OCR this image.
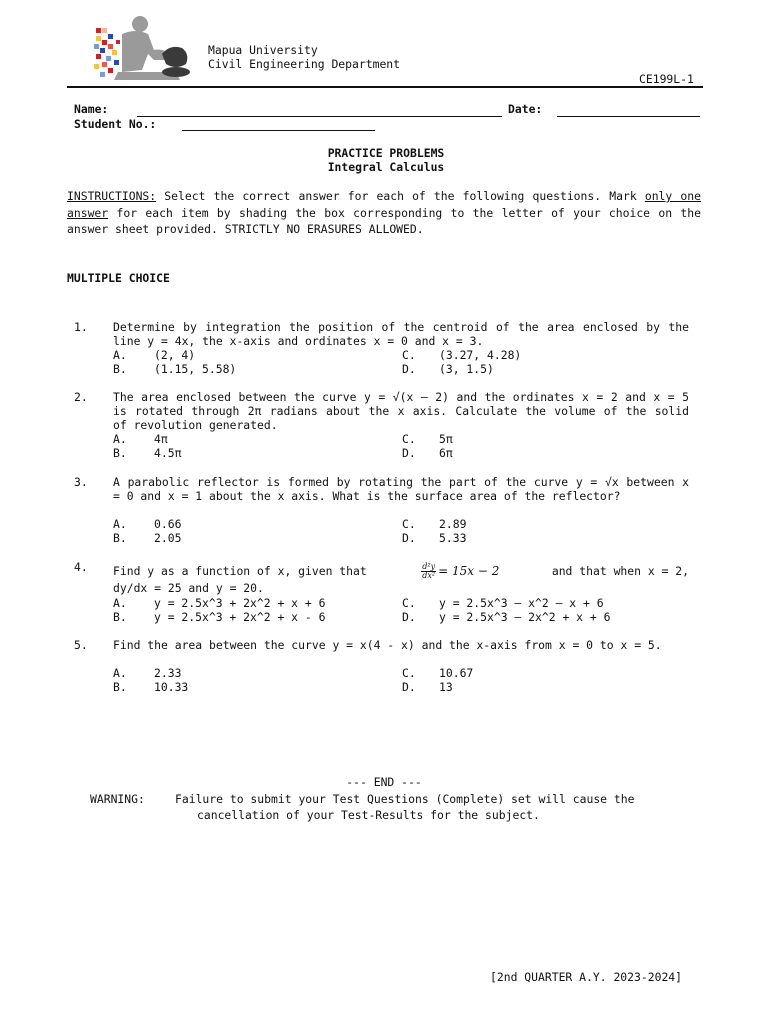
Mapua University
Civil Engineering Department
CE199L-1
Name:	Date:
Student No.:
PRACTICE PROBLEMS
Integral Calculus
INSTRUCTIONS: Select the correct answer for each of the following questions. Mark only one answer for each item by shading the box corresponding to the letter of your choice on the answer sheet provided. STRICTLY NO ERASURES ALLOWED.
MULTIPLE CHOICE
1. Determine by integration the position of the centroid of the area enclosed by the line y = 4x, the x-axis and ordinates x = 0 and x = 3.
A. (2, 4)	C. (3.27, 4.28)
B. (1.15, 5.58)	D. (3, 1.5)
2. The area enclosed between the curve y = √(x – 2) and the ordinates x = 2 and x = 5 is rotated through 2π radians about the x axis. Calculate the volume of the solid of revolution generated.
A. 4π	C. 5π
B. 4.5π	D. 6π
3. A parabolic reflector is formed by rotating the part of the curve y = √x between x = 0 and x = 1 about the x axis. What is the surface area of the reflector?
A. 0.66	C. 2.89
B. 2.05	D. 5.33
4. Find y as a function of x, given that	$\frac{\text{d²y}}{\text{dx²}} = 15x - 2$	and that when x = 2,
dy/dx = 25 and y = 20.
A. y = 2.5x^3 + 2x^2 + x + 6	C. y = 2.5x^3 – x^2 – x + 6
B. y = 2.5x^3 + 2x^2 + x - 6	D. y = 2.5x^3 – 2x^2 + x + 6
5. Find the area between the curve y = x(4 - x) and the x-axis from x = 0 to x = 5.
A. 2.33	C. 10.67
B. 10.33	D. 13
--- END ---
WARNING:	Failure to submit your Test Questions (Complete) set will cause the
cancellation of your Test-Results for the subject.
[2nd QUARTER A.Y. 2023-2024]
